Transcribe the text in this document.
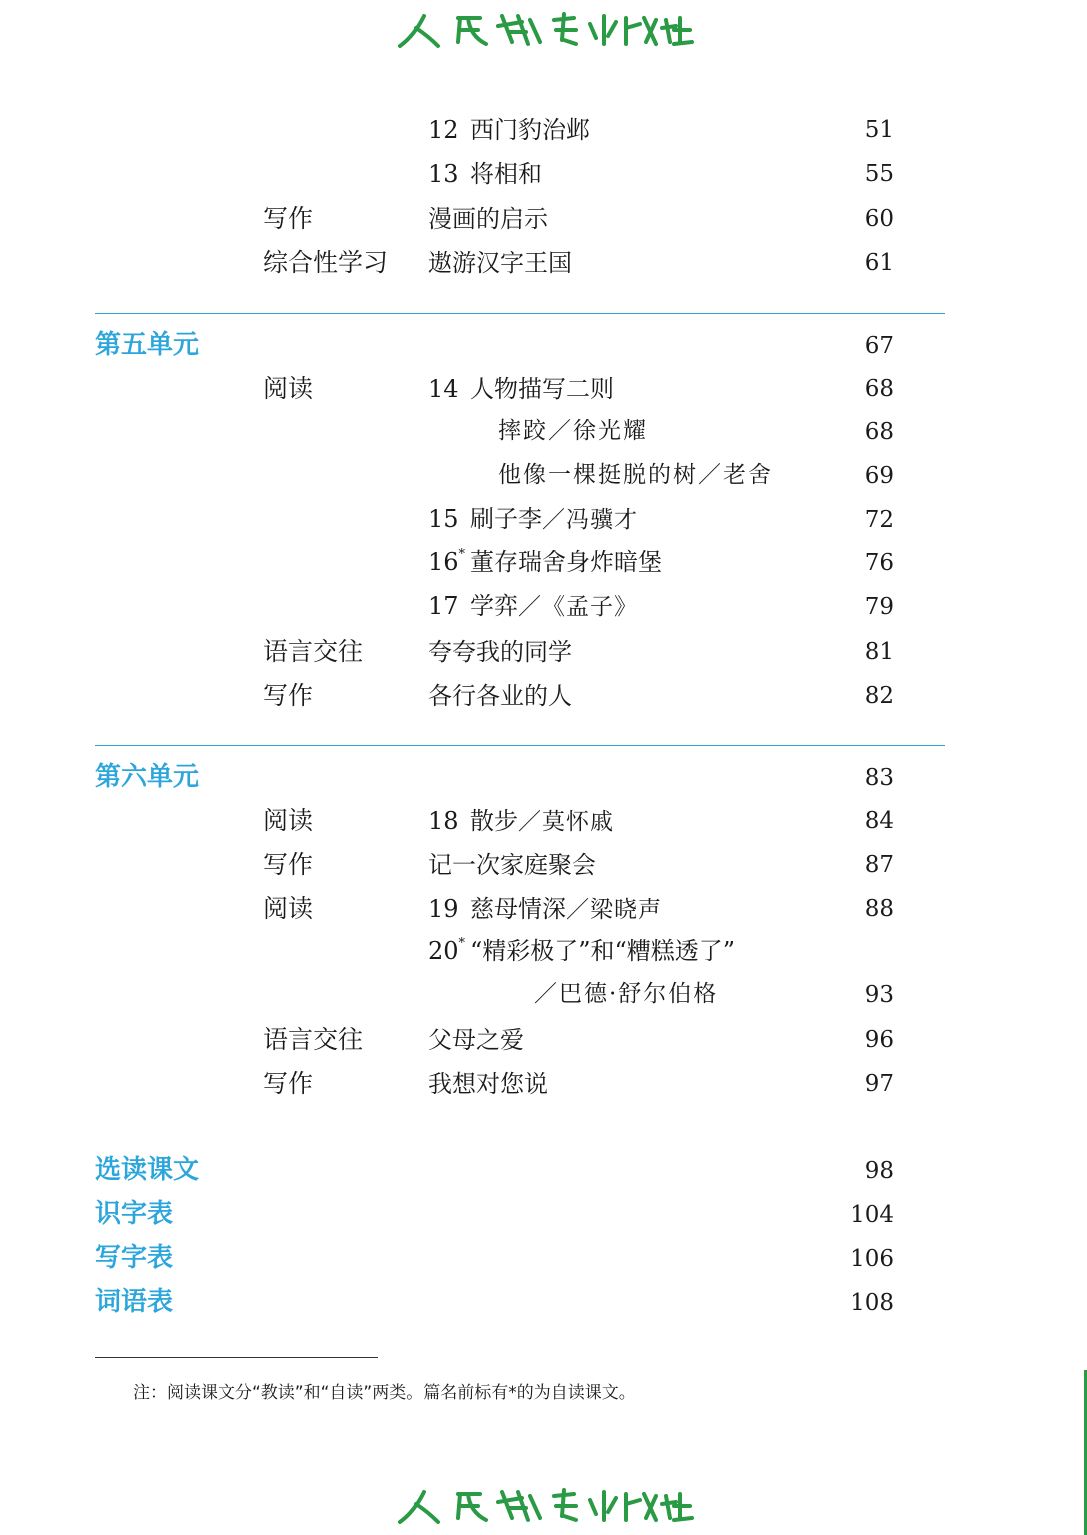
12 西门豹治邺	51
13 将相和	55
写作	漫画的启示	60
综合性学习 遨游汉字王国	61
第五单元	67
阅读	14 人物描写二则	68
摔跤／徐光耀	68
他像一棵挺脱的树／老舍	69
15 刷子李／冯骥才	72
16* 董存瑞舍身炸暗堡	76
17 学弈／《孟子》	79
语言交往	夸夸我的同学	81
写作	各行各业的人	82
第六单元	83
阅读	18 散步／莫怀戚	84
写作	记一次家庭聚会	87
阅读	19 慈母情深／梁晓声	88
20* “精彩极了”和“糟糕透了”
／巴德·舒尔伯格	93
语言交往	父母之爱	96
写作	我想对您说	97
选读课文	98
识字表	104
写字表	106
词语表	108
注：阅读课文分“教读”和“自读”两类。篇名前标有*的为自读课文。
